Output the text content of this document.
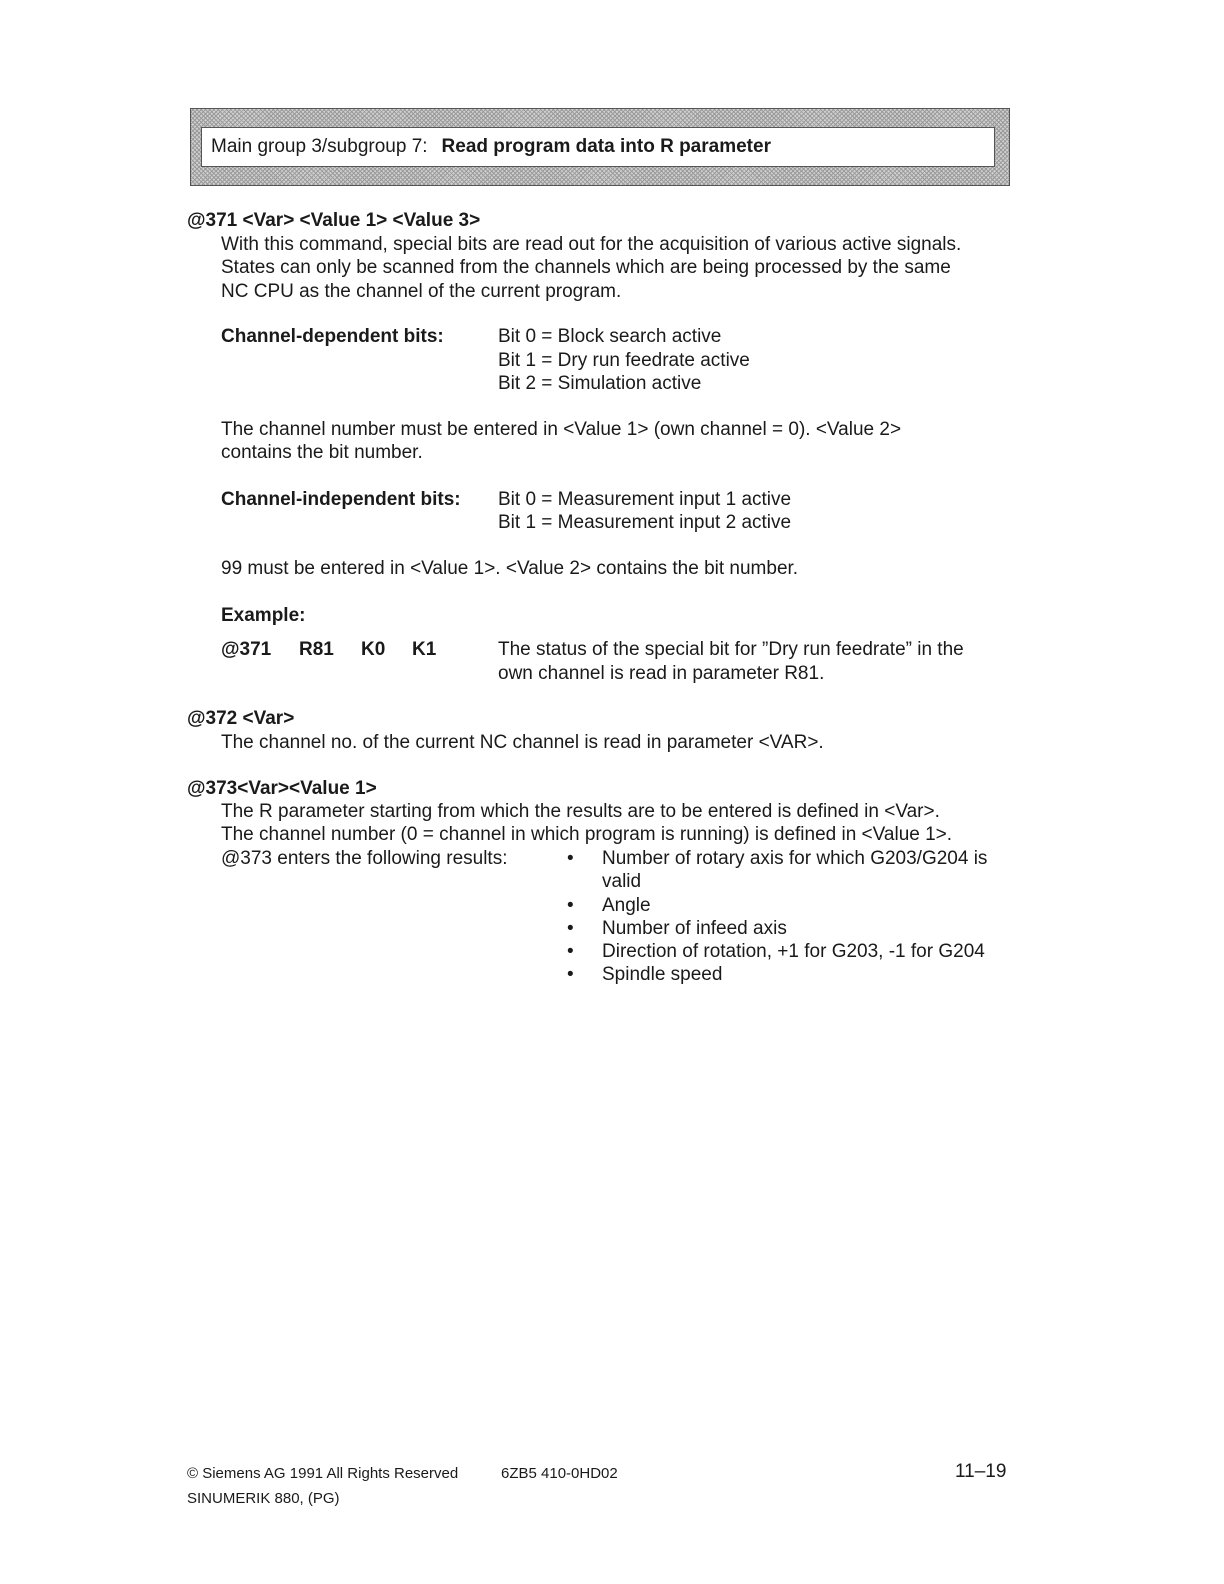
Main group 3/subgroup 7: Read program data into R parameter
@371 <Var> <Value 1> <Value 3>
With this command, special bits are read out for the acquisition of various active signals.
States can only be scanned from the channels which are being processed by the same
NC CPU as the channel of the current program.
Channel-dependent bits:	Bit 0 = Block search active
Bit 1 = Dry run feedrate active
Bit 2 = Simulation active
The channel number must be entered in <Value 1> (own channel = 0). <Value 2>
contains the bit number.
Channel-independent bits: Bit 0 = Measurement input 1 active
Bit 1 = Measurement input 2 active
99 must be entered in <Value 1>. <Value 2> contains the bit number.
Example:
@371 R81 K0 K1	The status of the special bit for ”Dry run feedrate” in the
own channel is read in parameter R81.
@372 <Var>
The channel no. of the current NC channel is read in parameter <VAR>.
@373<Var><Value 1>
The R parameter starting from which the results are to be entered is defined in <Var>.
The channel number (0 = channel in which program is running) is defined in <Value 1>.
@373 enters the following results:	• Number of rotary axis for which G203/G204 is
valid
• Angle
• Number of infeed axis
• Direction of rotation, +1 for G203, -1 for G204
• Spindle speed
© Siemens AG 1991 All Rights Reserved	6ZB5 410-0HD02	11–19
SINUMERIK 880, (PG)
